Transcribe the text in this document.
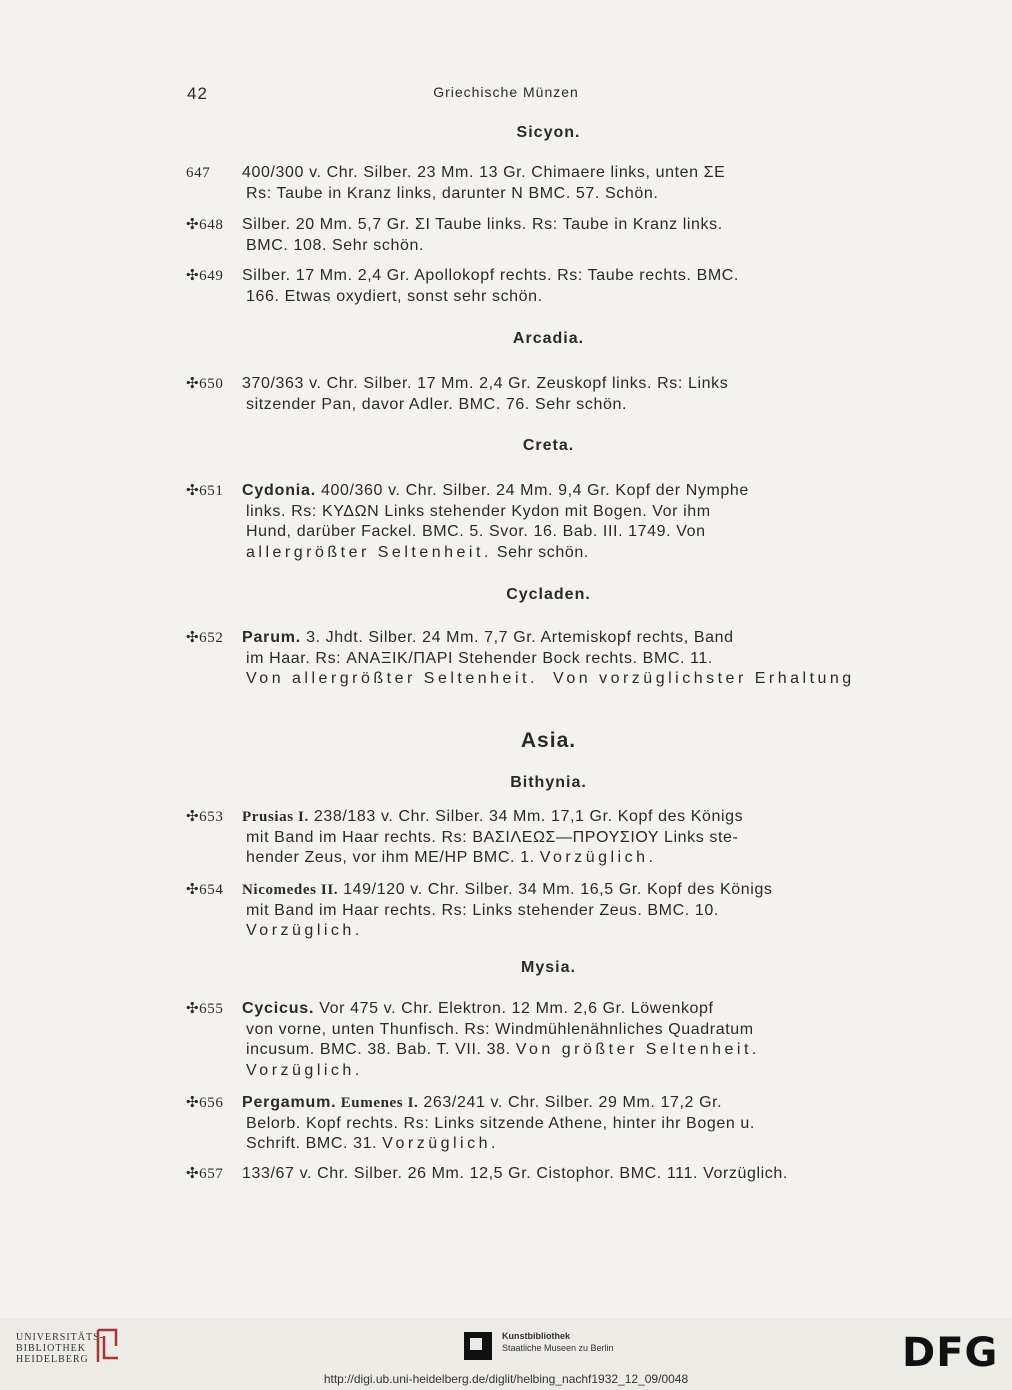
Griechische Münzen
42
Sicyon.
647 400/300 v. Chr. Silber. 23 Mm. 13 Gr. Chimaere links, unten ΣE
Rs: Taube in Kranz links, darunter N BMC. 57. Schön.
✣648 Silber. 20 Mm. 5,7 Gr. ΣI Taube links. Rs: Taube in Kranz links.
BMC. 108. Sehr schön.
✣649 Silber. 17 Mm. 2,4 Gr. Apollokopf rechts. Rs: Taube rechts. BMC.
166. Etwas oxydiert, sonst sehr schön.
Arcadia.
✣650 370/363 v. Chr. Silber. 17 Mm. 2,4 Gr. Zeuskopf links. Rs: Links
sitzender Pan, davor Adler. BMC. 76. Sehr schön.
Creta.
✣651 Cydonia. 400/360 v. Chr. Silber. 24 Mm. 9,4 Gr. Kopf der Nymphe
links. Rs: ΚΥΔΩΝ Links stehender Kydon mit Bogen. Vor ihm
Hund, darüber Fackel. BMC. 5. Svor. 16. Bab. III. 1749. Von
allergrößter Seltenheit. Sehr schön.
Cycladen.
✣652 Parum. 3. Jhdt. Silber. 24 Mm. 7,7 Gr. Artemiskopf rechts, Band
im Haar. Rs: ΑΝΑΞΙΚ/ΠΑΡΙ Stehender Bock rechts. BMC. 11.
Von allergrößter Seltenheit. Von vorzüglichster Erhaltung
Asia.
Bithynia.
✣653 Prusias I. 238/183 v. Chr. Silber. 34 Mm. 17,1 Gr. Kopf des Königs
mit Band im Haar rechts. Rs: ΒΑΣΙΛΕΩΣ—ΠΡΟΥΣΙΟΥ Links ste-
hender Zeus, vor ihm ME/ΗΡ BMC. 1. Vorzüglich.
✣654 Nicomedes II. 149/120 v. Chr. Silber. 34 Mm. 16,5 Gr. Kopf des Königs
mit Band im Haar rechts. Rs: Links stehender Zeus. BMC. 10.
Vorzüglich.
Mysia.
✣655 Cycicus. Vor 475 v. Chr. Elektron. 12 Mm. 2,6 Gr. Löwenkopf
von vorne, unten Thunfisch. Rs: Windmühlenähnliches Quadratum
incusum. BMC. 38. Bab. T. VII. 38. Von größter Seltenheit.
Vorzüglich.
✣656 Pergamum. Eumenes I. 263/241 v. Chr. Silber. 29 Mm. 17,2 Gr.
Belorb. Kopf rechts. Rs: Links sitzende Athene, hinter ihr Bogen u.
Schrift. BMC. 31. Vorzüglich.
✣657 133/67 v. Chr. Silber. 26 Mm. 12,5 Gr. Cistophor. BMC. 111. Vorzüglich.
UNIVERSITÄTS-
BIBLIOTHEK
HEIDELBERG
Kunstbibliothek
Staatliche Museen zu Berlin	DFG
http://digi.ub.uni-heidelberg.de/diglit/helbing_nachf1932_12_09/0048
